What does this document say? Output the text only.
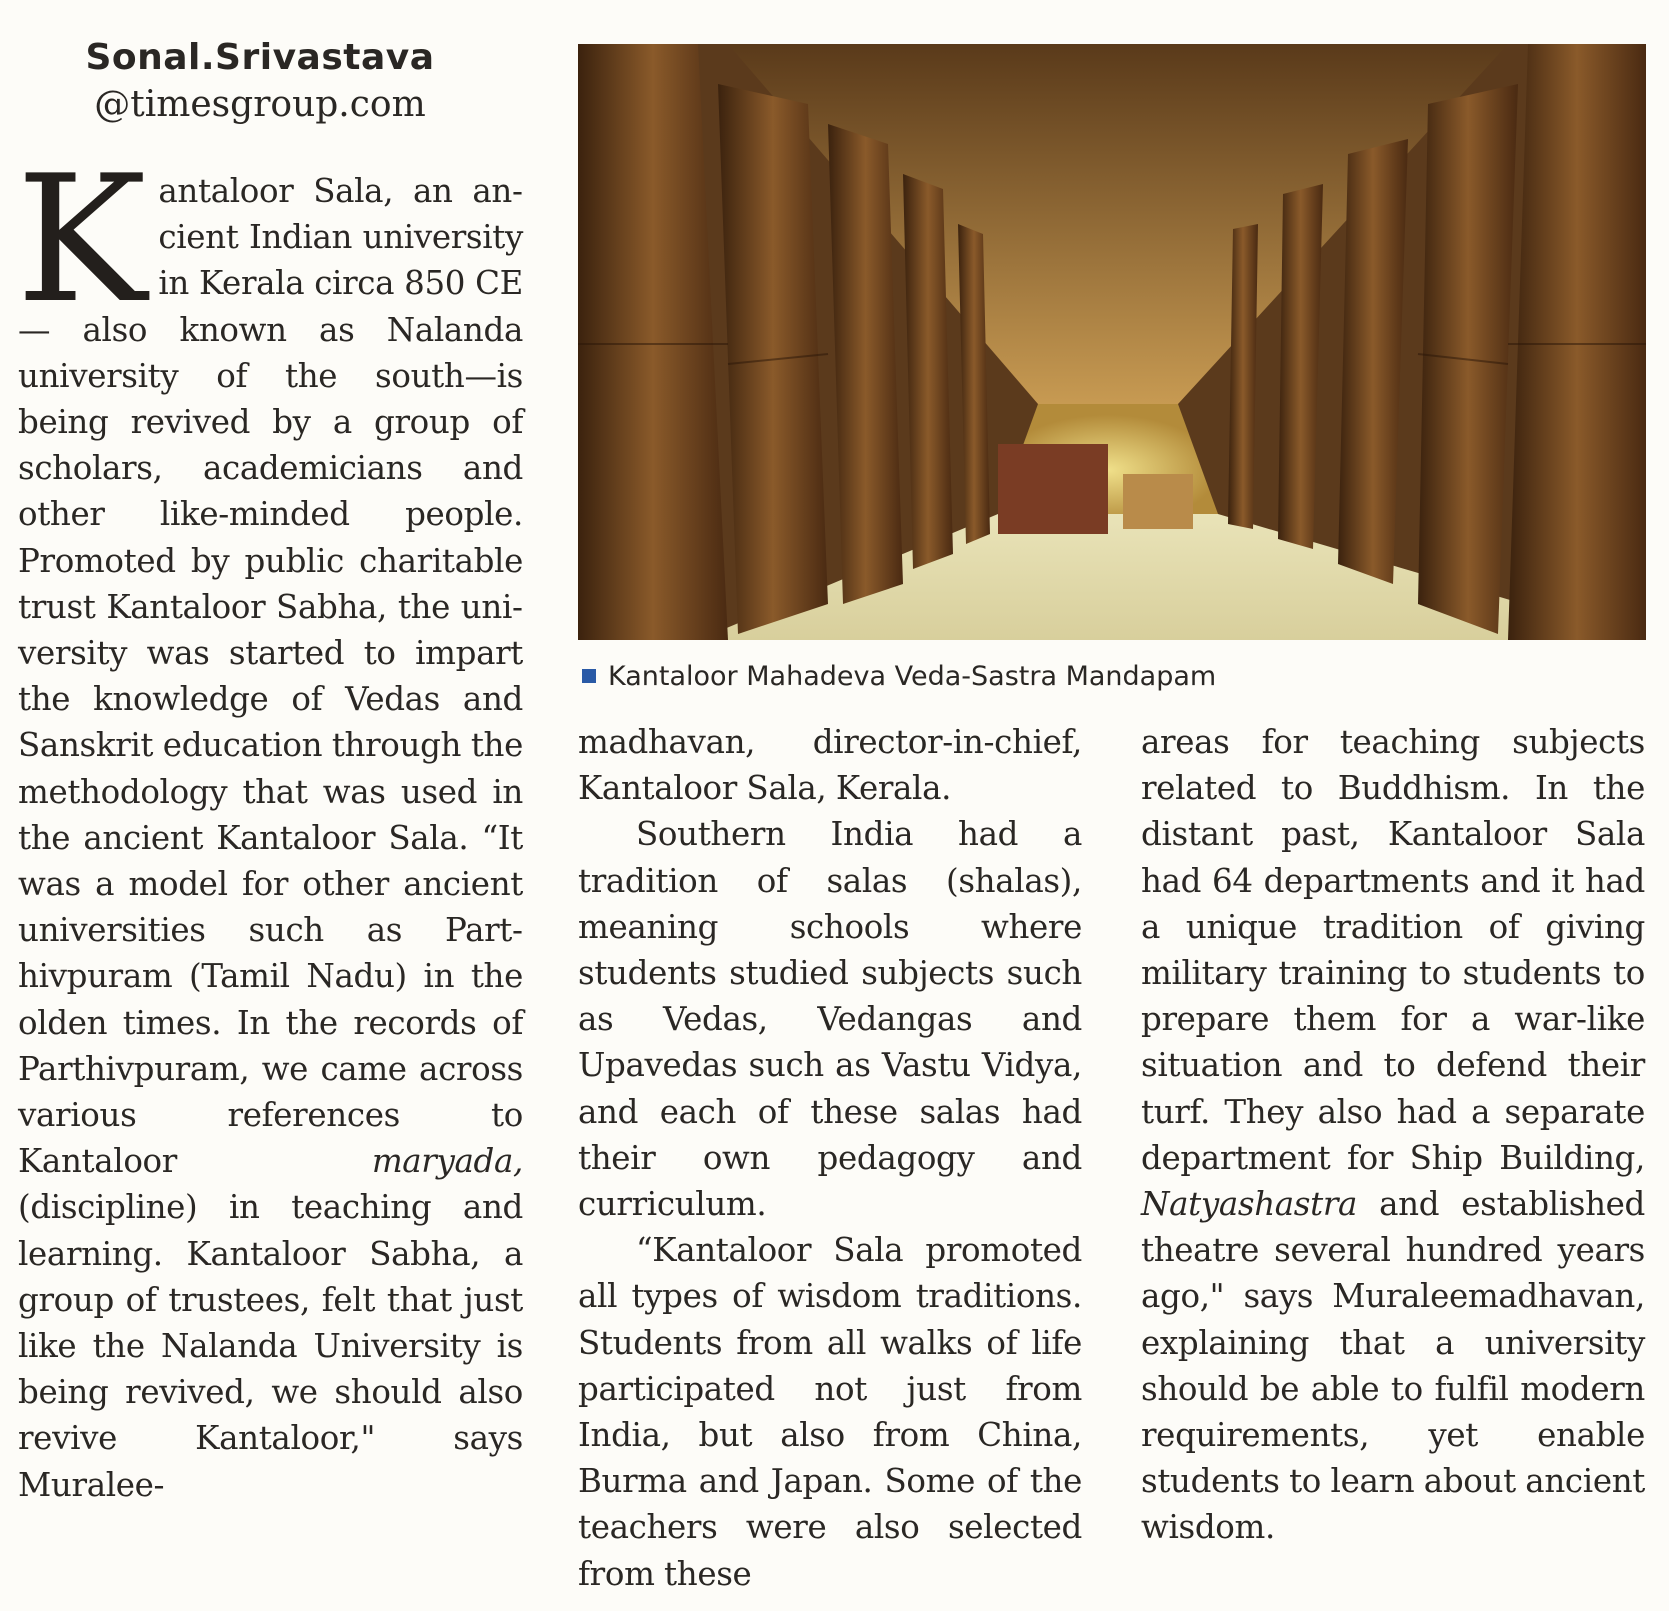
Sonal.Srivastava
@timesgroup.com
Kantaloor Mahadeva Veda-Sastra Mandapam

Kantaloor Sala, an ancient Indian university in Kerala circa 850 CE— also known as Nalanda university of the south—is being revived by a group of scholars, academicians and other like-minded people. Promoted by public charitable trust Kantaloor Sabha, the university was started to impart the knowledge of Vedas and Sanskrit education through the methodology that was used in the ancient Kantaloor Sala. “It was a model for other ancient universities such as Parthivpuram (Tamil Nadu) in the olden times. In the records of Parthivpuram, we came across various references to Kantaloor	maryada, (discipline) in teaching and learning. Kantaloor Sabha, a group of trustees, felt that just like the Nalanda University is being revived, we should also revive Kantaloor," says Muralee-

madhavan, director-in-chief, Kantaloor Sala, Kerala.

Southern India had a tradition of salas (shalas), meaning schools where students studied subjects such as Vedas, Vedangas and Upavedas such as Vastu Vidya, and each of these salas had their own pedagogy and curriculum.

“Kantaloor Sala promoted all types of wisdom traditions. Students from all walks of life participated not just from India, but also from China, Burma and Japan. Some of the teachers were also selected from these

areas for teaching subjects related to Buddhism. In the distant past, Kantaloor Sala had 64 departments and it had a unique tradition of giving military training to students to prepare them for a war-like situation and to defend their turf. They also had a separate department for Ship Building, Natyashastra and established theatre several hundred years ago," says Muraleemadhavan, explaining that a university should be able to fulfil modern requirements, yet enable students to learn about ancient wisdom.
